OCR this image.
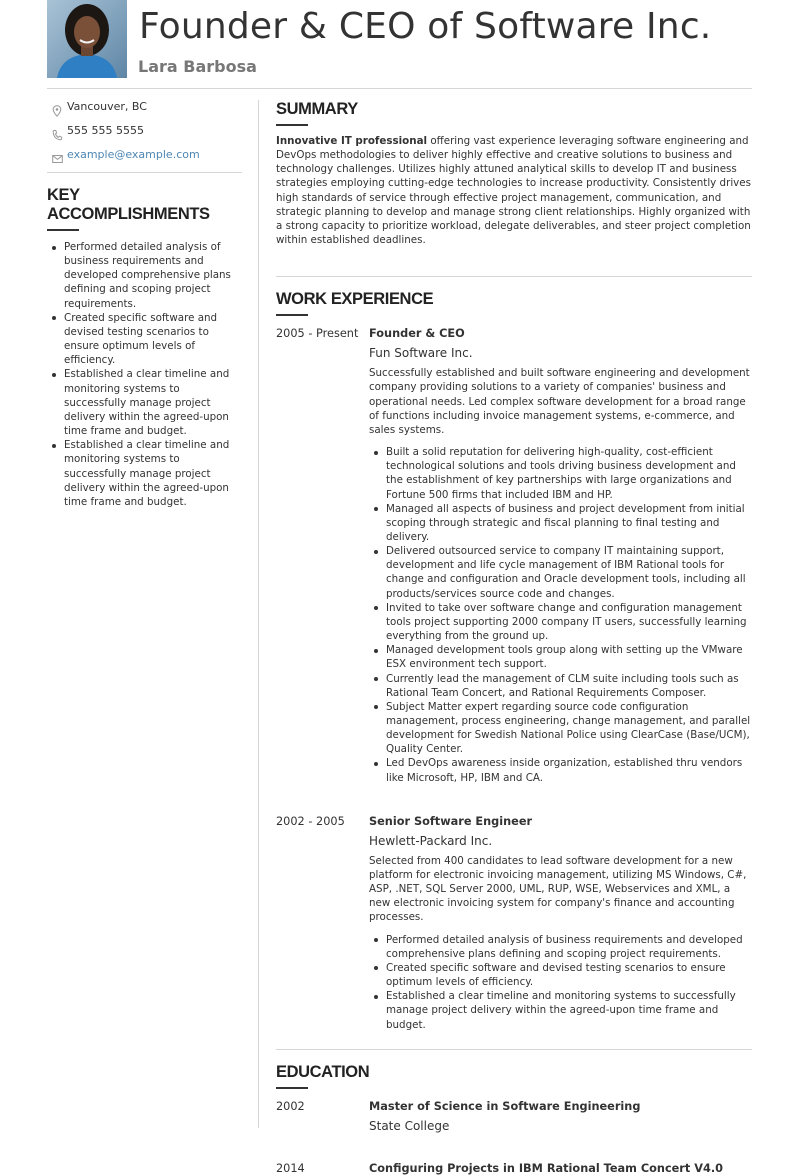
Founder & CEO of Software Inc.
Lara Barbosa
Vancouver, BC
555 555 5555
example@example.com
KEY ACCOMPLISHMENTS
Performed detailed analysis of business requirements and developed comprehensive plans defining and scoping project requirements.
Created specific software and devised testing scenarios to ensure optimum levels of efficiency.
Established a clear timeline and monitoring systems to successfully manage project delivery within the agreed-upon time frame and budget.
Established a clear timeline and monitoring systems to successfully manage project delivery within the agreed-upon time frame and budget.
SUMMARY
Innovative IT professional offering vast experience leveraging software engineering and DevOps methodologies to deliver highly effective and creative solutions to business and technology challenges. Utilizes highly attuned analytical skills to develop IT and business strategies employing cutting-edge technologies to increase productivity. Consistently drives high standards of service through effective project management, communication, and strategic planning to develop and manage strong client relationships. Highly organized with a strong capacity to prioritize workload, delegate deliverables, and steer project completion within established deadlines.
WORK EXPERIENCE
2005 - Present Founder & CEO
Fun Software Inc.
Successfully established and built software engineering and development company providing solutions to a variety of companies' business and operational needs. Led complex software development for a broad range of functions including invoice management systems, e-commerce, and sales systems.
Built a solid reputation for delivering high-quality, cost-efficient technological solutions and tools driving business development and the establishment of key partnerships with large organizations and Fortune 500 firms that included IBM and HP.
Managed all aspects of business and project development from initial scoping through strategic and fiscal planning to final testing and delivery.
Delivered outsourced service to company IT maintaining support, development and life cycle management of IBM Rational tools for change and configuration and Oracle development tools, including all products/services source code and changes.
Invited to take over software change and configuration management tools project supporting 2000 company IT users, successfully learning everything from the ground up.
Managed development tools group along with setting up the VMware ESX environment tech support.
Currently lead the management of CLM suite including tools such as Rational Team Concert, and Rational Requirements Composer.
Subject Matter expert regarding source code configuration management, process engineering, change management, and parallel development for Swedish National Police using ClearCase (Base/UCM), Quality Center.
Led DevOps awareness inside organization, established thru vendors like Microsoft, HP, IBM and CA.
2002 - 2005 Senior Software Engineer
Hewlett-Packard Inc.
Selected from 400 candidates to lead software development for a new platform for electronic invoicing management, utilizing MS Windows, C#, ASP, .NET, SQL Server 2000, UML, RUP, WSE, Webservices and XML, a new electronic invoicing system for company's finance and accounting processes.
Performed detailed analysis of business requirements and developed comprehensive plans defining and scoping project requirements.
Created specific software and devised testing scenarios to ensure optimum levels of efficiency.
Established a clear timeline and monitoring systems to successfully manage project delivery within the agreed-upon time frame and budget.
EDUCATION
2002	Master of Science in Software Engineering
State College
2014	Configuring Projects in IBM Rational Team Concert V4.0
